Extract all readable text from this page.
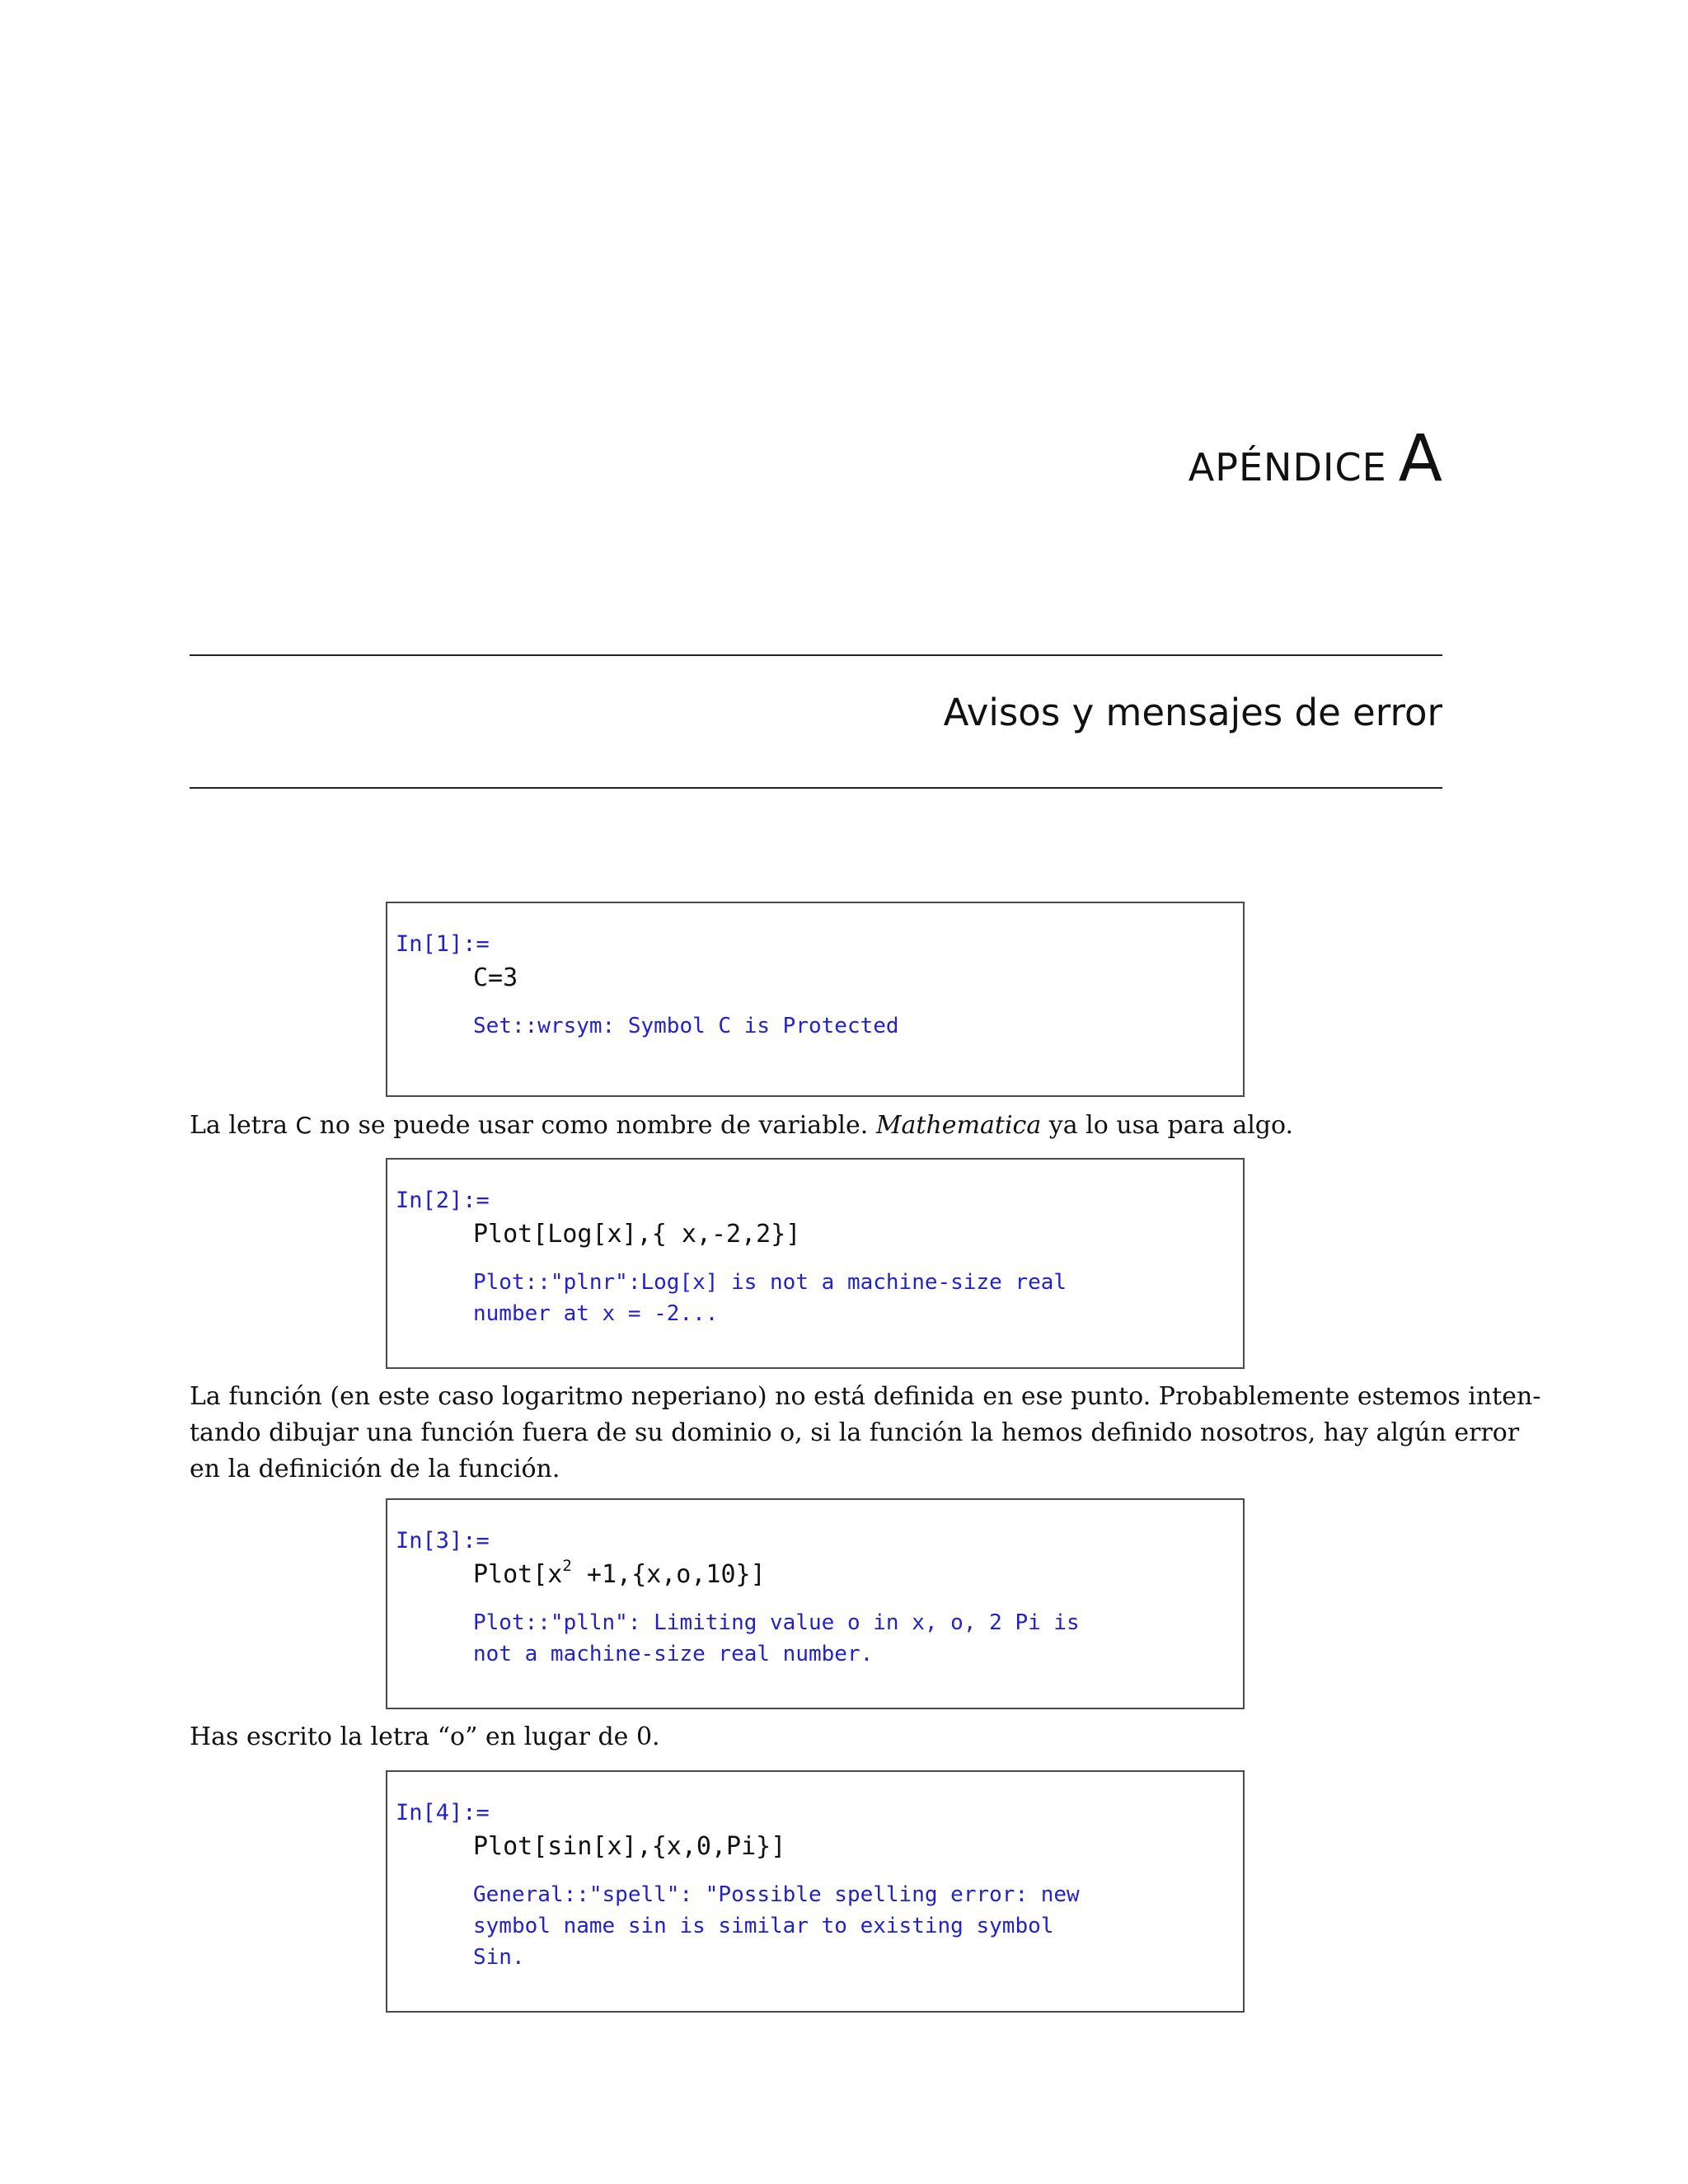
APÉNDICE A
Avisos y mensajes de error
In[1]:=
C=3
Set::wrsym: Symbol C is Protected

La letra C no se puede usar como nombre de variable. Mathematica ya lo usa para algo.

In[2]:=
Plot[Log[x],{ x,-2,2}]
Plot::"plnr":Log[x] is not a machine-size real
number at x = -2...
La función (en este caso logaritmo neperiano) no está definida en ese punto. Probablemente estemos inten-
tando dibujar una función fuera de su dominio o, si la función la hemos definido nosotros, hay algún error
en la definición de la función.
In[3]:=
$Plot[x^2 +1,\{x,o,10\}]$
Plot::"plln": Limiting value o in x, o, 2 Pi is
not a machine-size real number.

Has escrito la letra “o” en lugar de 0.

In[4]:=
Plot[sin[x],{x,0,Pi}]
General::"spell": "Possible spelling error: new
symbol name sin is similar to existing symbol
Sin.
